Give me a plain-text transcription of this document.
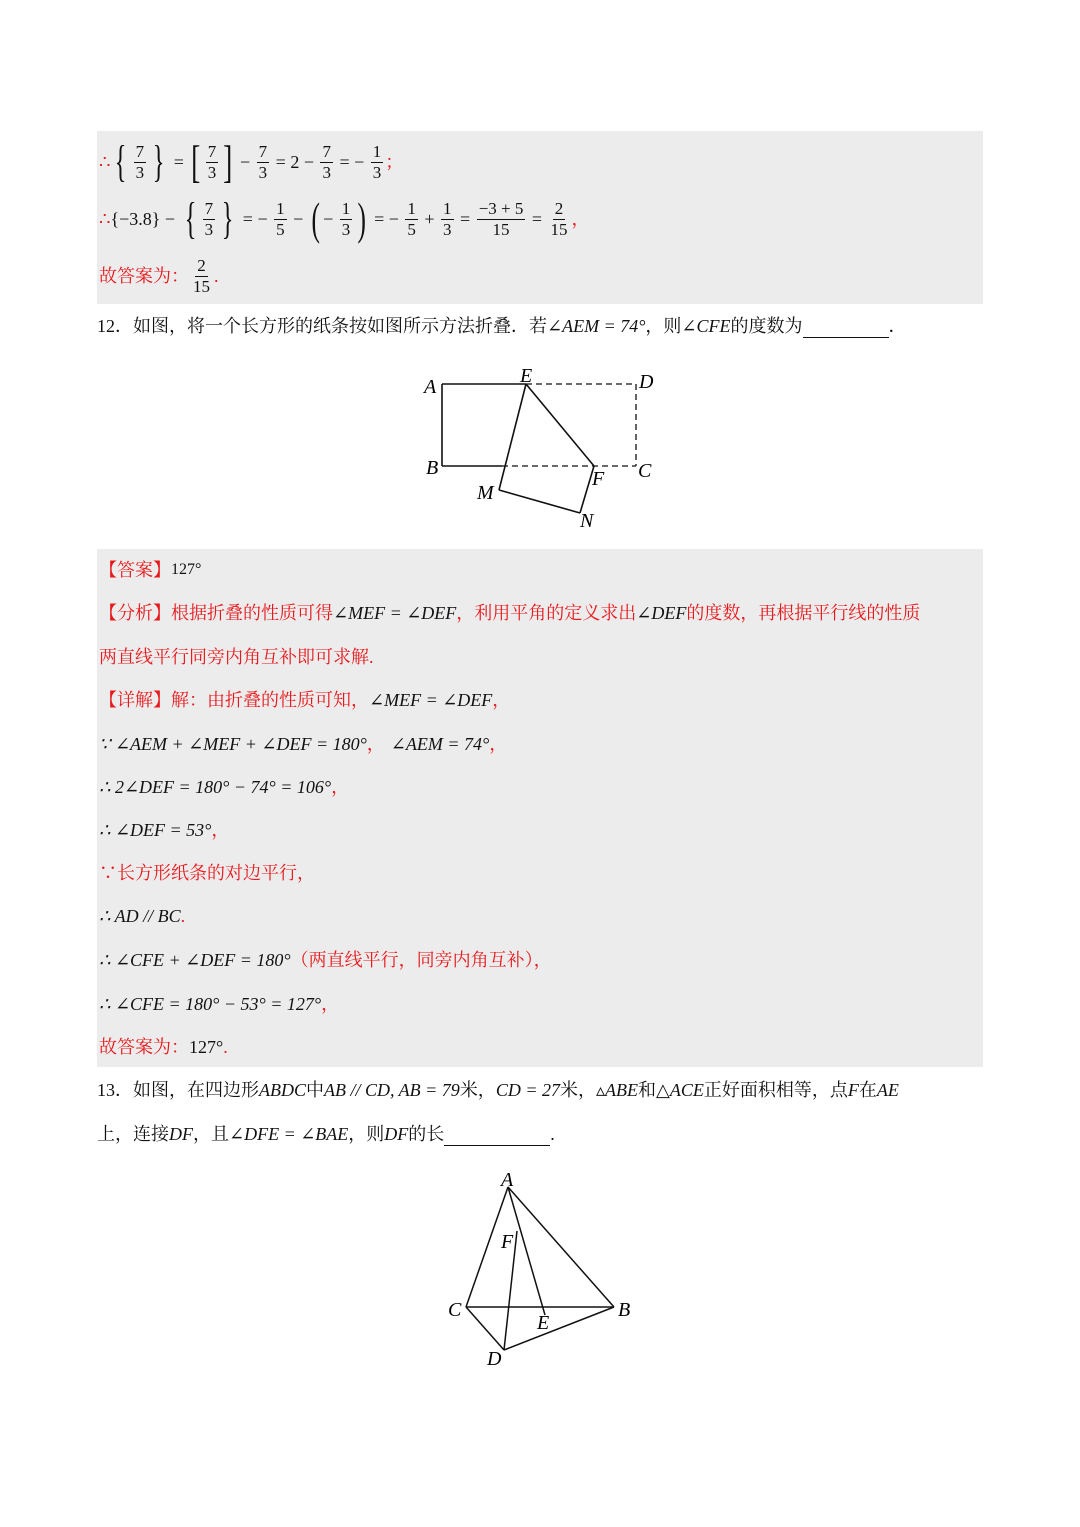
∴ { $\frac{7}{3}$ } = [ $\frac{7}{3}$ ] − $\frac{7}{3} = 2 - \frac{7}{3}$ = − $\frac{1}{3}$ ；
∴ {−3.8} − { $\frac{7}{3}$ } = − $\frac{1}{5}$ − ( − $\frac{1}{3}$ ) = − $\frac{1}{5} + \frac{1}{3} = \frac{-3 + 5}{15} = \frac{2}{15}$ ，
故答案为： $\frac{2}{15}$ .
12．如图，将一个长方形的纸条按如图所示方法折叠．若∠AEM = 74°，则∠CFE的度数为	．
A
B	C
D
E
F
M
N
【答案】 127°
【分析】 根据折叠的性质可得 ∠MEF = ∠DEF ，利用平角的定义求出 ∠DEF 的度数，再根据平行线的性质
两直线平行同旁内角互补即可求解.
【详解】 解：由折叠的性质可知， ∠MEF = ∠DEF ，
∵ ∠AEM + ∠MEF + ∠DEF = 180° ， ∠AEM = 74° ，
∴ 2∠DEF = 180° − 74° = 106° ，
∴ ∠DEF = 53° ，
∵长方形纸条的对边平行，
∴ AD // BC .
∴ ∠CFE + ∠DEF = 180° （两直线平行，同旁内角互补），
∴ ∠CFE = 180° − 53° = 127° ，
故答案为： 127° .
13．如图，在四边形ABDC中AB // CD, AB = 79米，CD = 27米，▵ABE和△ACE正好面积相等，点F在AE
上，连接DF，且∠DFE = ∠BAE，则DF的长	.
A
B
C
D
E
F
